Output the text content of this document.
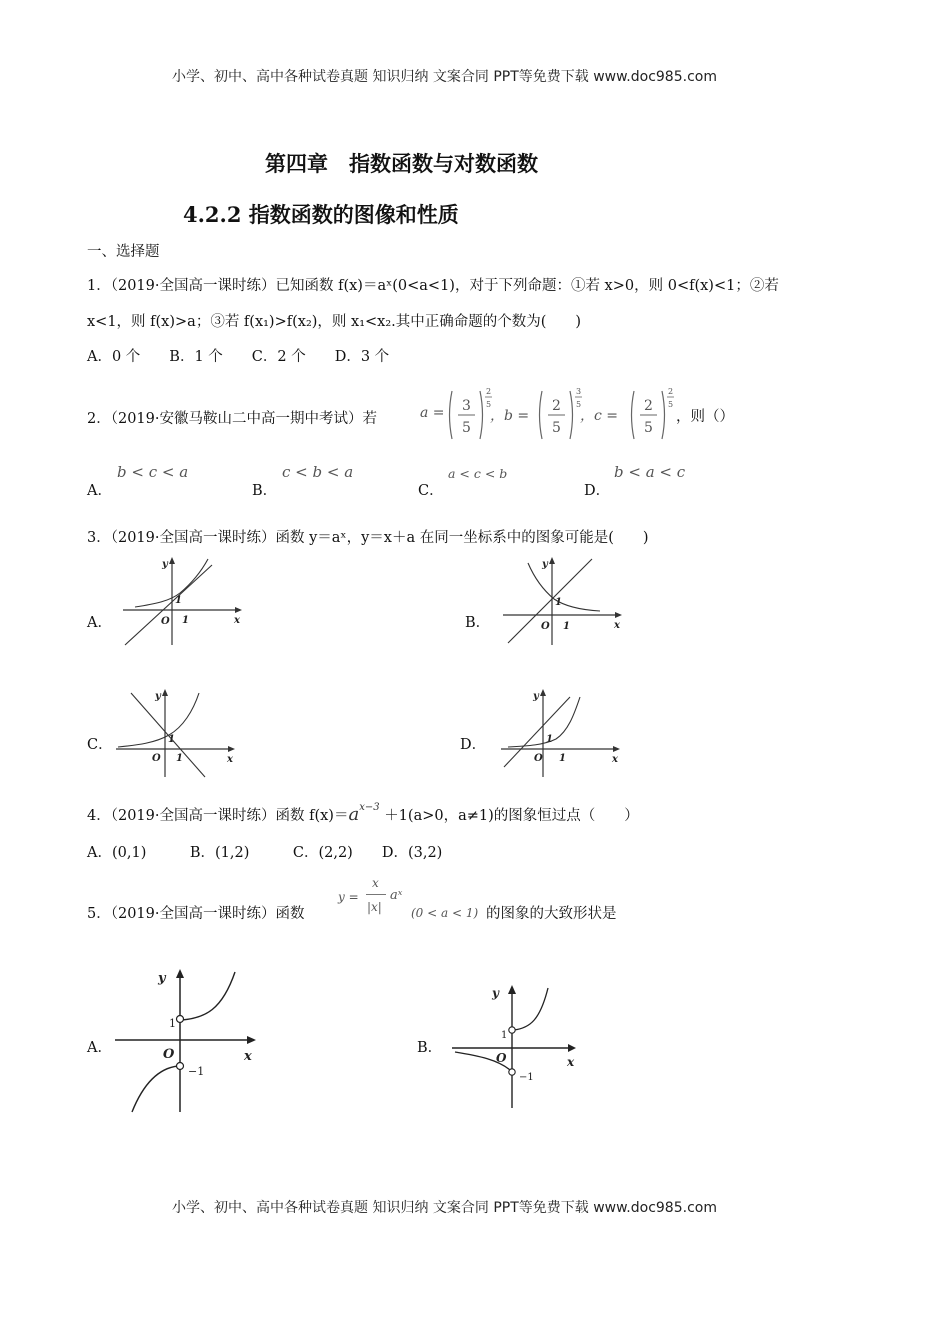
小学、初中、高中各种试卷真题 知识归纳 文案合同 PPT等免费下载 www.doc985.com
小学、初中、高中各种试卷真题 知识归纳 文案合同 PPT等免费下载 www.doc985.com
第四章　指数函数与对数函数
4.2.2 指数函数的图像和性质
一、选择题
1．（2019·全国高一课时练）已知函数 f(x)＝aˣ(0<a<1)，对于下列命题：①若 x>0，则 0<f(x)<1；②若
x<1，则 f(x)>a；③若 f(x₁)>f(x₂)，则 x₁<x₂.其中正确命题的个数为(　　)
A．0 个　　B．1 个　　C．2 个　　D．3 个
2．（2019·安徽马鞍山二中高一期中考试）若	a = 3
5
2
5
，b =
2
5
3
5
，c =
2
5
2
5
，则（）
A．
b < c < a
B．
c < b < a
C．
a < c < b
D．
b < a < c
3．（2019·全国高一课时练）函数 y＝aˣ，y＝x＋a 在同一坐标系中的图象可能是(　　)
A．
y
x
O
1
1	B．
y
x
O
1
1
C．
y
x
O
1
1
D．
y
x
O
1
1
4．（2019·全国高一课时练）函数 $f(x)=a^{x-3} +1(a>0$，a≠1)的图象恒过点（　　）
A．(0,1)　　　B．(1,2)　　　C．(2,2)　　D．(3,2)
5．（2019·全国高一课时练）函数
y =
x
|x|
aˣ
(0 < a < 1) 的图象的大致形状是
A．
y
x
O
1
−1
B．
y
x
O
1
−1
